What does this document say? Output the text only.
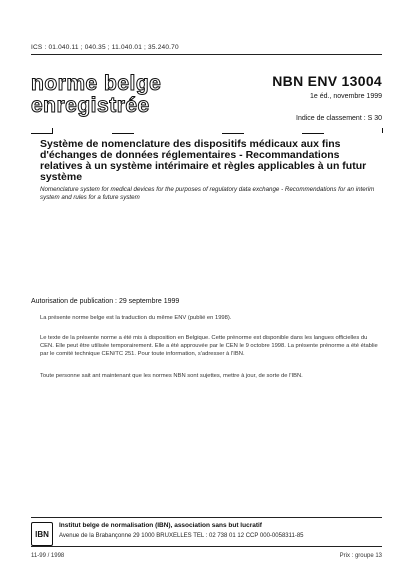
ICS : 01.040.11 ; 040.35 ; 11.040.01 ; 35.240.70
norme belge
enregistrée
NBN ENV 13004
1e éd., novembre 1999
Indice de classement : S 30
Système de nomenclature des dispositifs médicaux aux fins d'échanges de données réglementaires - Recommandations relatives à un système intérimaire et règles applicables à un futur système
Nomenclature system for medical devices for the purposes of regulatory data exchange - Recommendations for an interim system and rules for a future system
Autorisation de publication : 29 septembre 1999
La présente norme belge est la traduction du même ENV (publié en 1998).
Le texte de la présente norme a été mis à disposition en Belgique. Cette prénorme est disponible dans les langues officielles du CEN. Elle peut être utilisée temporairement. Elle a été approuvée par le CEN le 9 octobre 1998. La présente prénorme a été établie par le comité technique CEN/TC 251. Pour toute information, s'adresser à l'IBN.
Toute personne sait ant maintenant que les normes NBN sont sujettes, mettre à jour, de sorte de l'IBN.
IBN
Institut belge de normalisation (IBN), association sans but lucratif
Avenue de la Brabançonne 29 1000 BRUXELLES TEL : 02 738 01 12 CCP 000-0058311-85
11-99 / 1998	Prix : groupe 13
